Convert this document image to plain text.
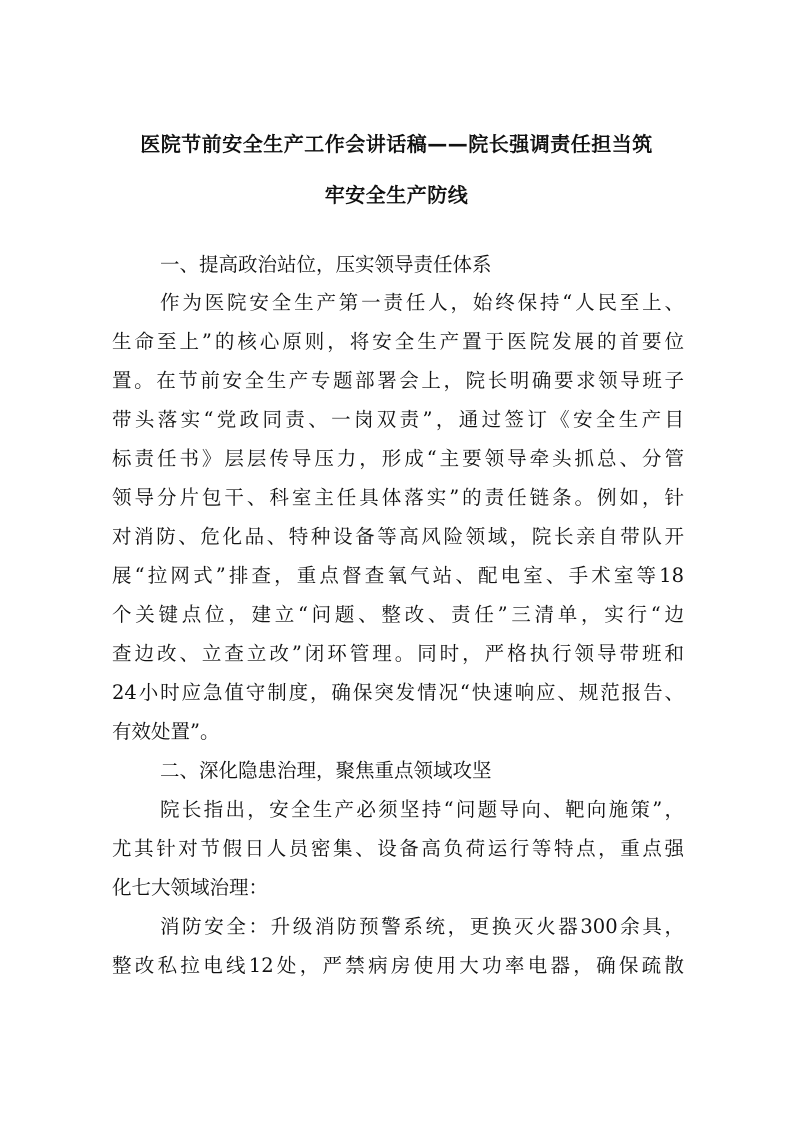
医院节前安全生产工作会讲话稿——院长强调责任担当筑
牢安全生产防线
一、提高政治站位，压实领导责任体系
作为医院安全生产第一责任人，始终保持“人民至上、
生命至上”的核心原则，将安全生产置于医院发展的首要位
置。在节前安全生产专题部署会上，院长明确要求领导班子
带头落实“党政同责、一岗双责”，通过签订《安全生产目
标责任书》层层传导压力，形成“主要领导牵头抓总、分管
领导分片包干、科室主任具体落实”的责任链条。例如，针
对消防、危化品、特种设备等高风险领域，院长亲自带队开
展“拉网式”排查，重点督查氧气站、配电室、手术室等18
个关键点位，建立“问题、整改、责任”三清单，实行“边
查边改、立查立改”闭环管理。同时，严格执行领导带班和
24小时应急值守制度，确保突发情况“快速响应、规范报告、
有效处置”。
二、深化隐患治理，聚焦重点领域攻坚
院长指出，安全生产必须坚持“问题导向、靶向施策”，
尤其针对节假日人员密集、设备高负荷运行等特点，重点强
化七大领域治理：
消防安全：升级消防预警系统，更换灭火器300余具，
整改私拉电线12处，严禁病房使用大功率电器，确保疏散
